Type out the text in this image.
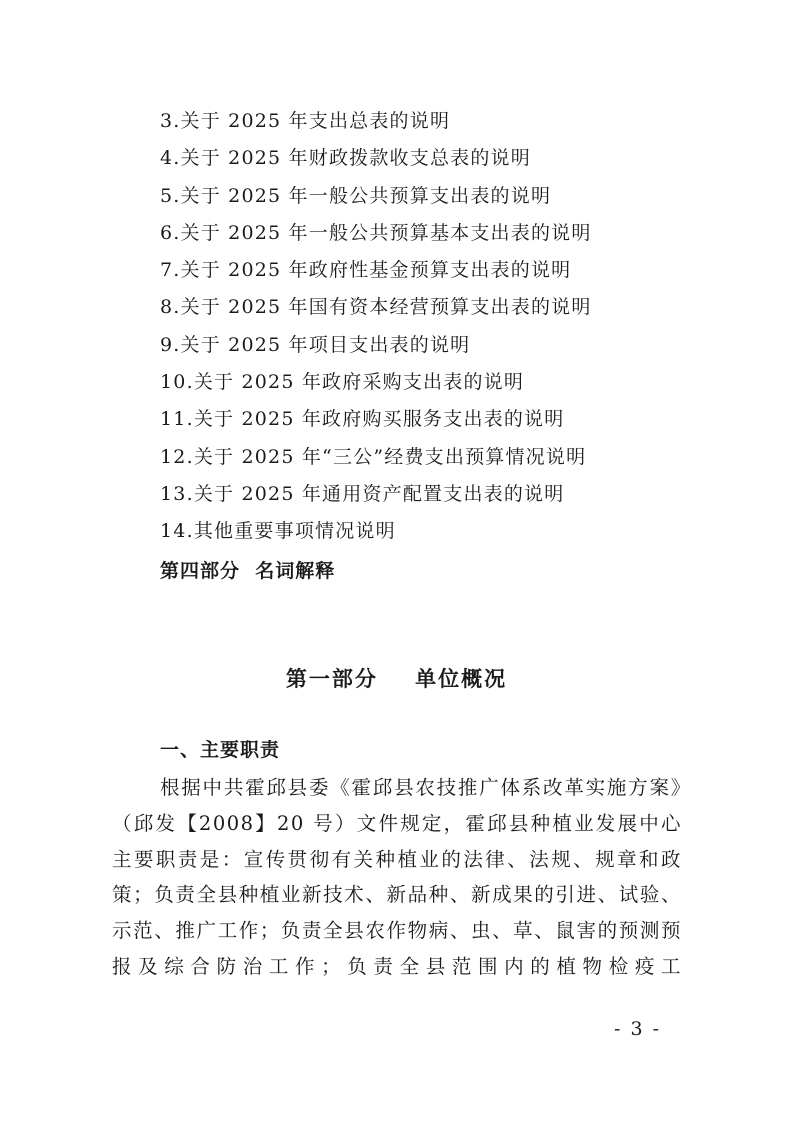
3.关于 2025 年支出总表的说明
4.关于 2025 年财政拨款收支总表的说明
5.关于 2025 年一般公共预算支出表的说明
6.关于 2025 年一般公共预算基本支出表的说明
7.关于 2025 年政府性基金预算支出表的说明
8.关于 2025 年国有资本经营预算支出表的说明
9.关于 2025 年项目支出表的说明
10.关于 2025 年政府采购支出表的说明
11.关于 2025 年政府购买服务支出表的说明
12.关于 2025 年“三公”经费支出预算情况说明
13.关于 2025 年通用资产配置支出表的说明
14.其他重要事项情况说明
第四部分  名词解释
第一部分    单位概况
一、主要职责

根据中共霍邱县委《霍邱县农技推广体系改革实施方案》（邱发【2008】20 号）文件规定，霍邱县种植业发展中心主要职责是：宣传贯彻有关种植业的法律、法规、规章和政策；负责全县种植业新技术、新品种、新成果的引进、试验、示范、推广工作；负责全县农作物病、虫、草、鼠害的预测预报及综合防治工作；负责全县范围内的植物检疫工

- 3 -
